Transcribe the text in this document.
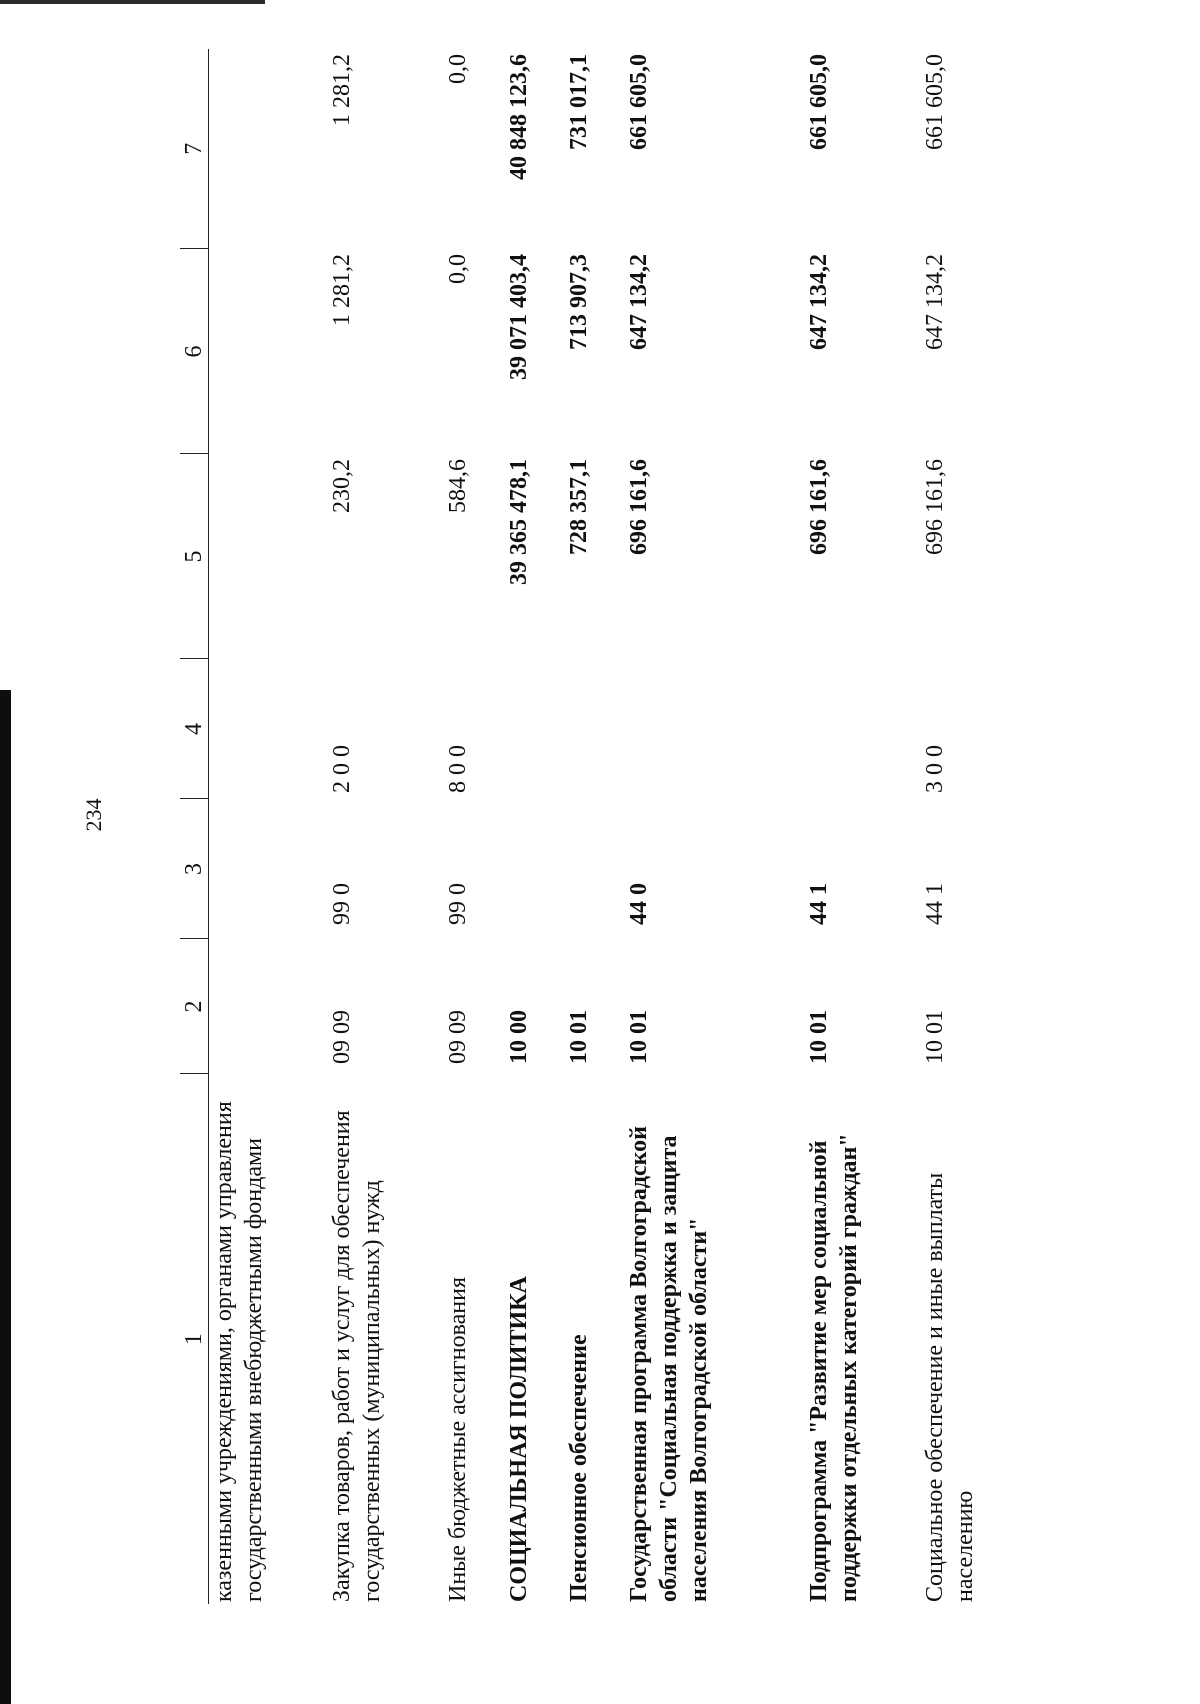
234
1	2	3	4	5	6	7
казенными учреждениями, органами управления государственными внебюджетными фондами						
Закупка товаров, работ и услуг для обеспечения государственных (муниципальных) нужд	09 09	99 0	200	230,2	1 281,2	1 281,2
Иные бюджетные ассигнования	09 09	99 0	800	584,6	0,0	0,0
СОЦИАЛЬНАЯ ПОЛИТИКА	10 00			39 365 478,1	39 071 403,4	40 848 123,6
Пенсионное обеспечение	10 01			728 357,1	713 907,3	731 017,1
Государственная программа Волгоградской области "Социальная поддержка и защита населения Волгоградской области"	10 01	44 0		696 161,6	647 134,2	661 605,0
Подпрограмма "Развитие мер социальной поддержки отдельных категорий граждан"	10 01	44 1		696 161,6	647 134,2	661 605,0
Социальное обеспечение и иные выплаты населению	10 01	44 1	300	696 161,6	647 134,2	661 605,0
